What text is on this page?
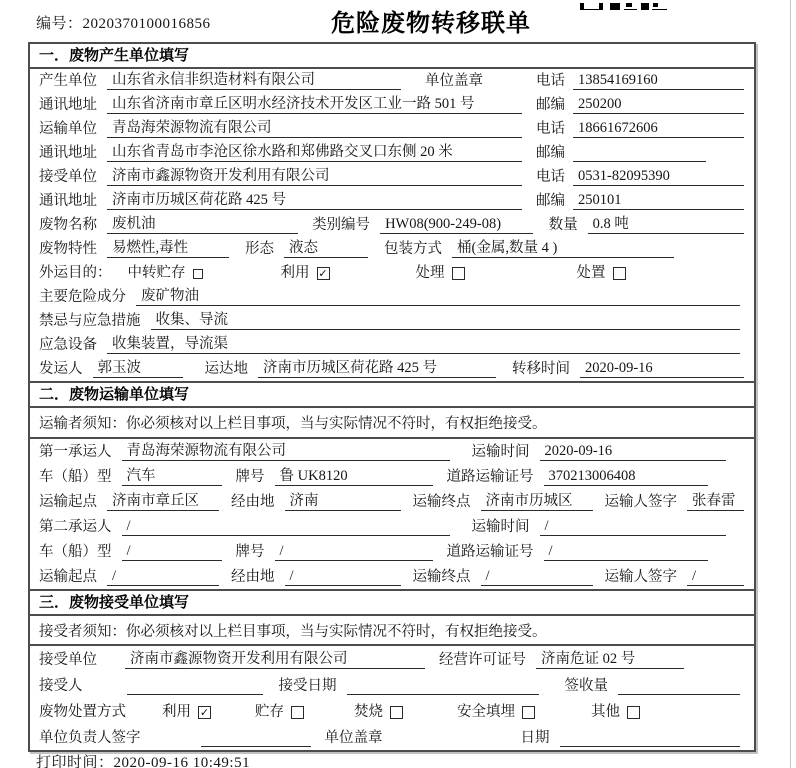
编号：2020370100016856	危险废物转移联单
一．废物产生单位填写
产生单位	山东省永信非织造材料有限公司	单位盖章	电话 13854169160
通讯地址	山东省济南市章丘区明水经济技术开发区工业一路 501 号	邮编 250200
运输单位	青岛海荣源物流有限公司	电话 18661672606
通讯地址	山东省青岛市李沧区徐水路和郑佛路交叉口东侧 20 米	邮编
接受单位	济南市鑫源物资开发利用有限公司	电话 0531-82095390
通讯地址	济南市历城区荷花路 425 号	邮编 250101
废物名称	废机油	类别编号	HW08(900-249-08)	数量	0.8 吨
废物特性	易燃性,毒性	形态	液态	包装方式	桶(金属,数量 4 )
外运目的： 中转贮存	利用 ✓	处理	处置
主要危险成分	废矿物油
禁忌与应急措施	收集、导流
应急设备	收集装置，导流渠
发运人	郭玉波	运达地	济南市历城区荷花路 425 号	转移时间	2020-09-16
二．废物运输单位填写
运输者须知：你必须核对以上栏目事项，当与实际情况不符时，有权拒绝接受。
第一承运人	青岛海荣源物流有限公司	运输时间	2020-09-16
车（船）型	汽车	牌号	鲁 UK8120	道路运输证号	370213006408
运输起点	济南市章丘区	经由地	济南	运输终点	济南市历城区	运输人签字	张春雷
第二承运人	/	运输时间	/
车（船）型	/	牌号	/	道路运输证号	/
运输起点	/	经由地	/	运输终点	/	运输人签字	/
三．废物接受单位填写
接受者须知：你必须核对以上栏目事项，当与实际情况不符时，有权拒绝接受。
接受单位	济南市鑫源物资开发利用有限公司	经营许可证号	济南危证 02 号
接受人	接受日期	签收量
废物处置方式 利用 ✓	贮存	焚烧	安全填埋	其他
单位负责人签字	单位盖章	日期
打印时间：2020-09-16 10:49:51
